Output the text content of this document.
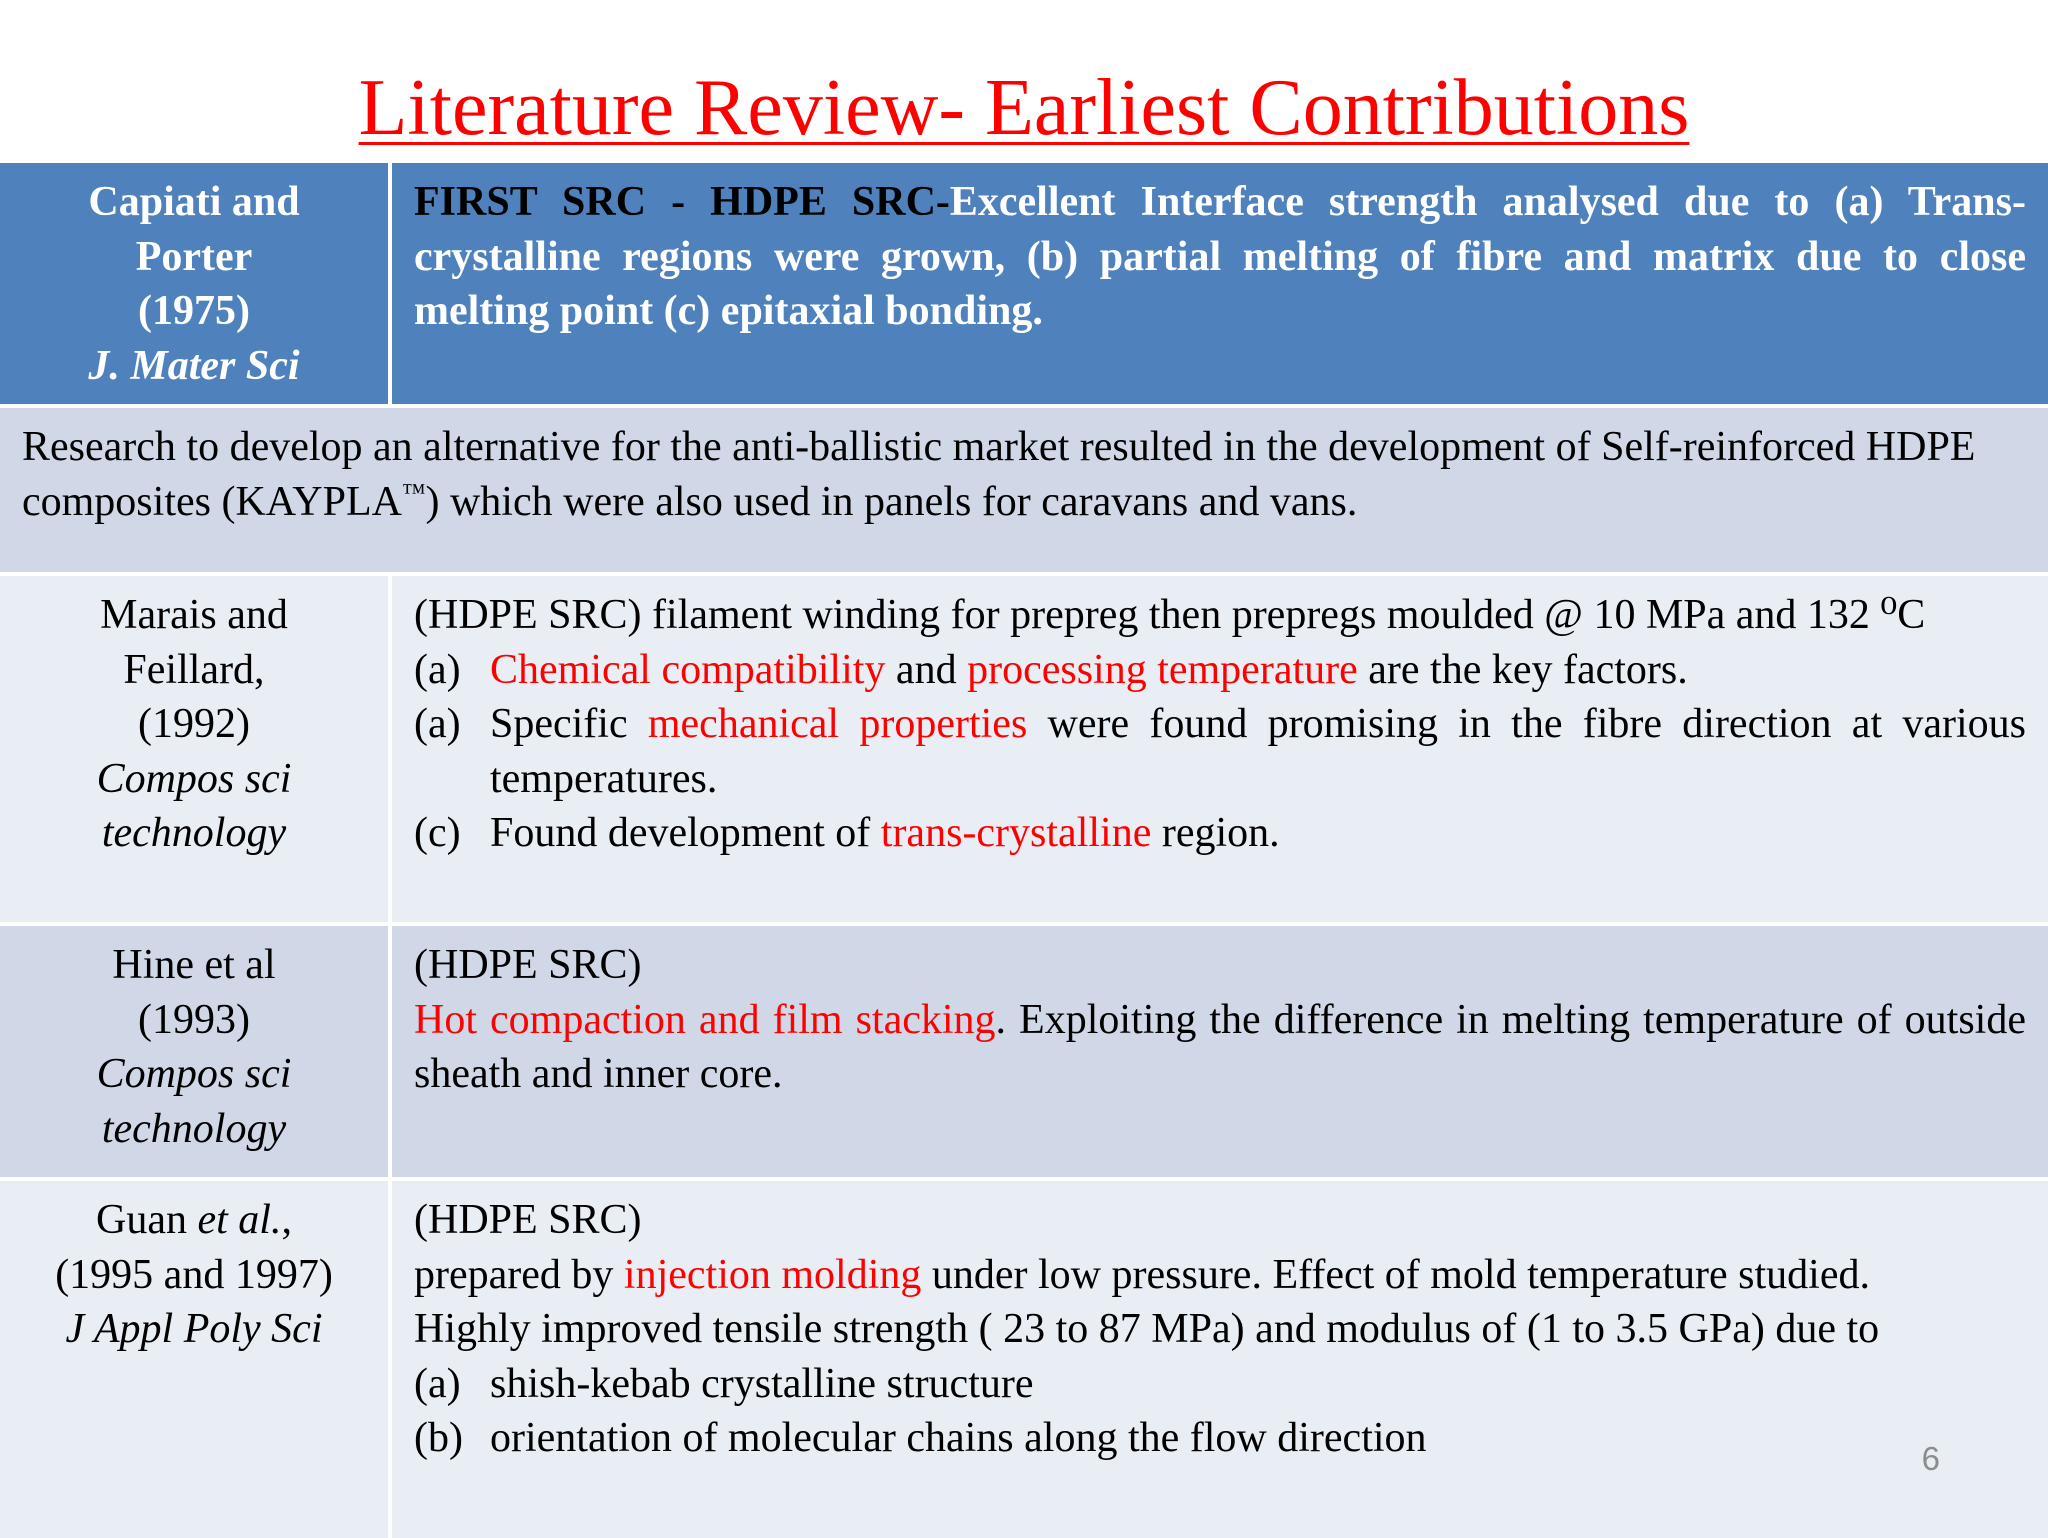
Literature Review- Earliest Contributions
Capiati and
Porter
(1975)
J. Mater Sci
FIRST SRC - HDPE SRC-Excellent Interface strength analysed due to (a) Trans-crystalline regions were grown, (b) partial melting of fibre and matrix due to close melting point (c) epitaxial bonding.
Research to develop an alternative for the anti-ballistic market resulted in the development of Self-reinforced HDPE composites (KAYPLA™) which were also used in panels for caravans and vans.
Marais and
Feillard,
(1992)
Compos sci
technology
(HDPE SRC) filament winding for prepreg then prepregs moulded @ 10 MPa and 132 ⁰C
(a) Chemical compatibility and processing temperature are the key factors.
(a) Specific mechanical properties were found promising in the fibre direction at various temperatures.
(c) Found development of trans-crystalline region.
Hine et al
(1993)
Compos sci
technology
(HDPE SRC)
Hot compaction and film stacking. Exploiting the difference in melting temperature of outside sheath and inner core.
Guan et al.,
(1995 and 1997)
J Appl Poly Sci
(HDPE SRC)
prepared by injection molding under low pressure. Effect of mold temperature studied.
Highly improved tensile strength ( 23 to 87 MPa) and modulus of (1 to 3.5 GPa) due to
(a) shish-kebab crystalline structure
(b) orientation of molecular chains along the flow direction	6
